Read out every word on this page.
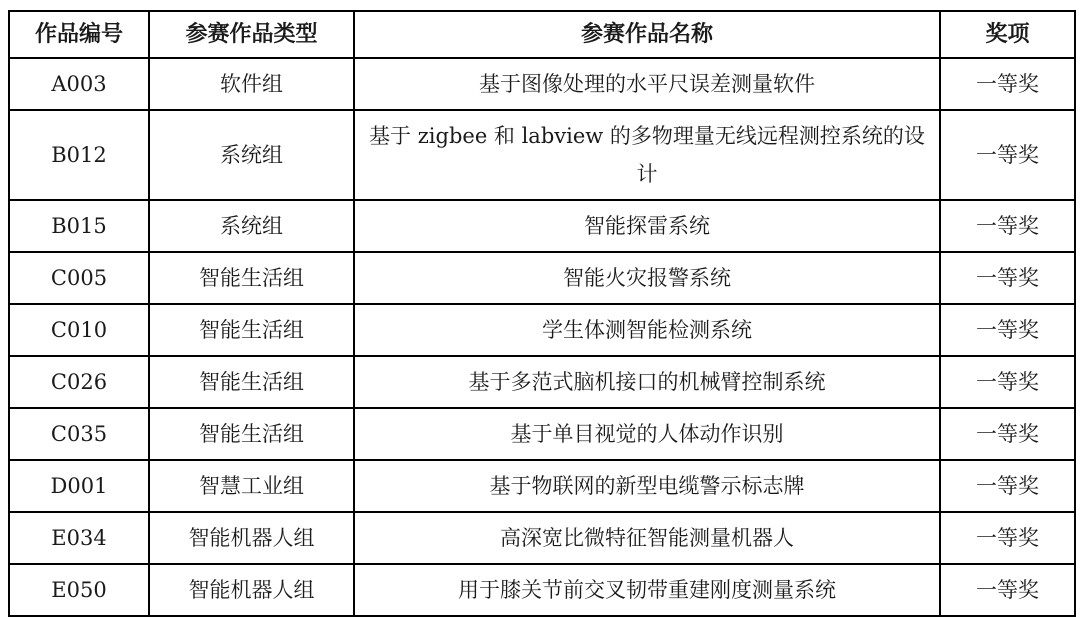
作品编号	参赛作品类型	参赛作品名称	奖项
A003	软件组	基于图像处理的水平尺误差测量软件	一等奖
B012	系统组	基于 zigbee 和 labview 的多物理量无线远程测控系统的设计	一等奖
B015	系统组	智能探雷系统	一等奖
C005	智能生活组	智能火灾报警系统	一等奖
C010	智能生活组	学生体测智能检测系统	一等奖
C026	智能生活组	基于多范式脑机接口的机械臂控制系统	一等奖
C035	智能生活组	基于单目视觉的人体动作识别	一等奖
D001	智慧工业组	基于物联网的新型电缆警示标志牌	一等奖
E034	智能机器人组	高深宽比微特征智能测量机器人	一等奖
E050	智能机器人组	用于膝关节前交叉韧带重建刚度测量系统	一等奖
